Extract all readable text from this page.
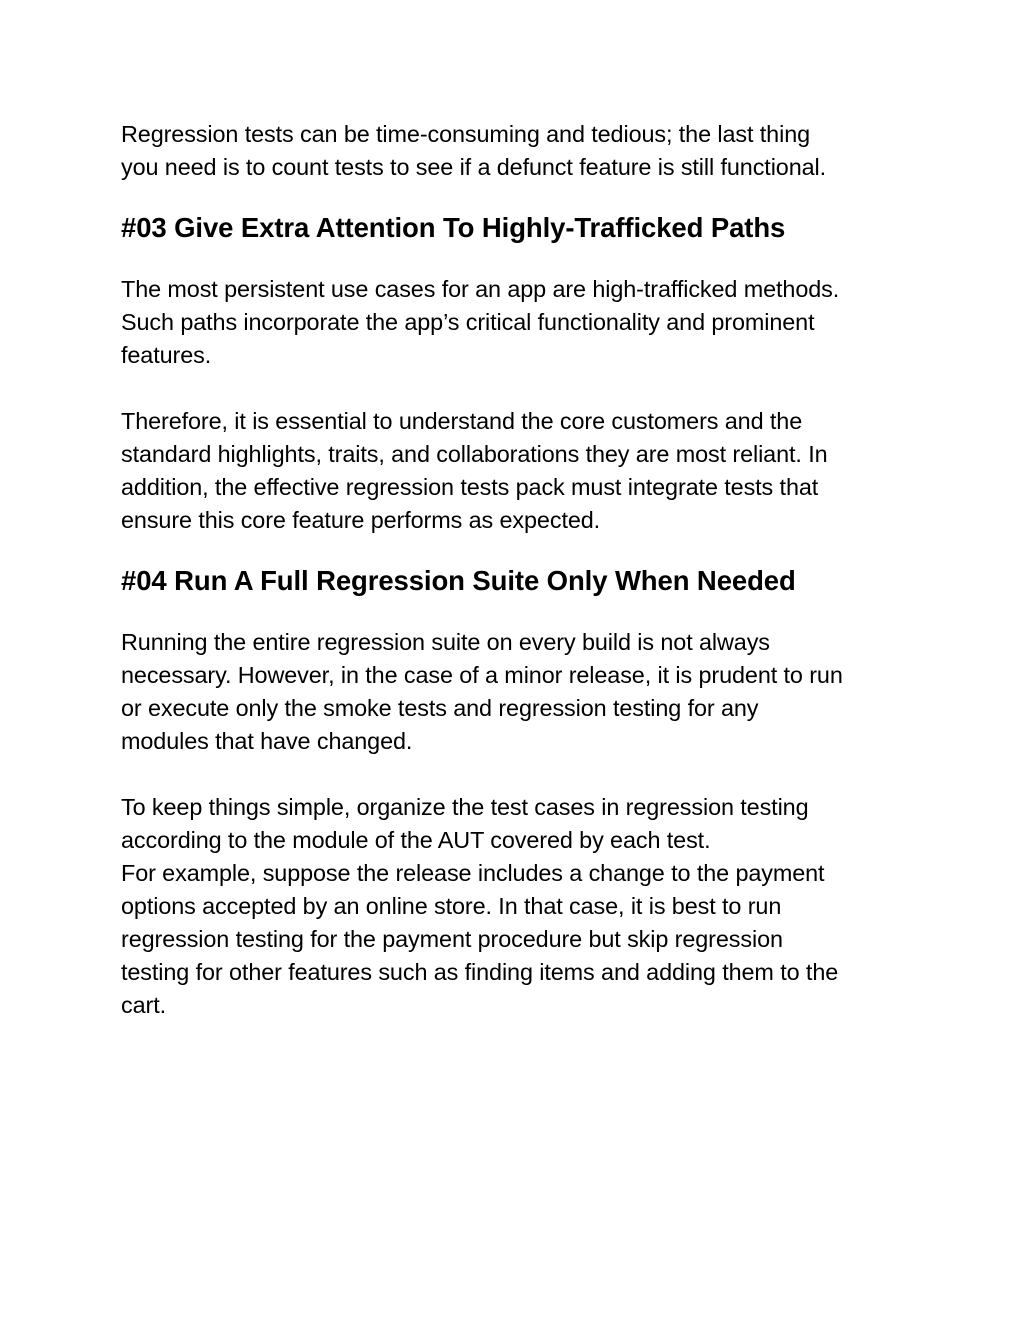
Regression tests can be time-consuming and tedious; the last thing
you need is to count tests to see if a defunct feature is still functional.

#03 Give Extra Attention To Highly-Trafficked Paths

The most persistent use cases for an app are high-trafficked methods.
Such paths incorporate the app’s critical functionality and prominent
features.

Therefore, it is essential to understand the core customers and the
standard highlights, traits, and collaborations they are most reliant. In
addition, the effective regression tests pack must integrate tests that
ensure this core feature performs as expected.

#04 Run A Full Regression Suite Only When Needed

Running the entire regression suite on every build is not always
necessary. However, in the case of a minor release, it is prudent to run
or execute only the smoke tests and regression testing for any
modules that have changed.

To keep things simple, organize the test cases in regression testing
according to the module of the AUT covered by each test.
For example, suppose the release includes a change to the payment
options accepted by an online store. In that case, it is best to run
regression testing for the payment procedure but skip regression
testing for other features such as finding items and adding them to the
cart.
